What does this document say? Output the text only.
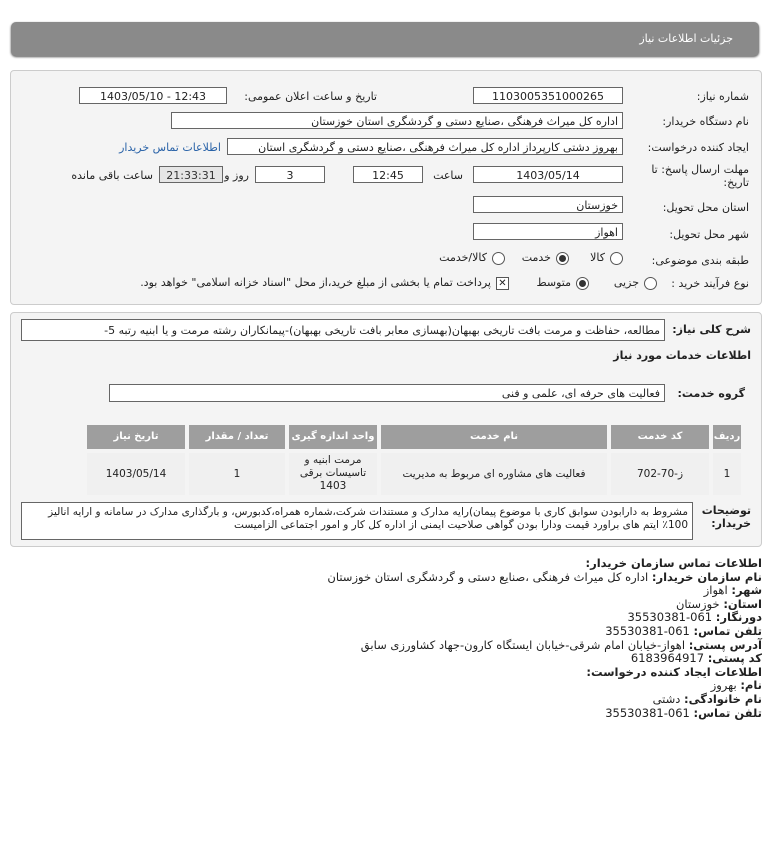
جزئیات اطلاعات نیاز
شماره نیاز:
1103005351000265
تاریخ و ساعت اعلان عمومی:
1403/05/10 - 12:43
نام دستگاه خریدار:
اداره کل میراث فرهنگی ،صنایع دستی و گردشگری استان خوزستان
ایجاد کننده درخواست:
بهروز دشتی کارپرداز اداره کل میراث فرهنگی ،صنایع دستی و گردشگری استان
اطلاعات تماس خریدار
مهلت ارسال پاسخ: تا تاریخ:
1403/05/14
ساعت
12:45
3
روز و
21:33:31
ساعت باقی مانده
استان محل تحویل:
خوزستان
شهر محل تحویل:
اهواز
طبقه بندی موضوعی:
کالا
خدمت
کالا/خدمت
نوع فرآیند خرید :
جزیی
متوسط
✕
پرداخت تمام یا بخشی از مبلغ خرید،از محل "اسناد خزانه اسلامی" خواهد بود.
شرح کلی نیاز:
مطالعه، حفاظت و مرمت بافت تاریخی بهبهان(بهسازی معابر بافت تاریخی بهبهان)-پیمانکاران رشته مرمت و یا ابنیه رتبه 5-
اطلاعات خدمات مورد نیاز
گروه خدمت:
فعالیت های حرفه ای، علمی و فنی
ردیف
کد خدمت
نام خدمت
واحد اندازه گیری
تعداد / مقدار
تاریخ نیاز
1
ز-70-702
فعالیت های مشاوره ای مربوط به مدیریت
مرمت ابنیه و تاسیسات برقی 1403
1
1403/05/14
توضیحات خریدار:
مشروط به دارابودن سوابق کاری با موضوع پیمان)رایه مدارک و مستندات شرکت،شماره همراه،کدبورس، و بارگذاری مدارک در سامانه و ارایه انالیز 100٪ ایتم های براورد قیمت ودارا بودن گواهی صلاحیت ایمنی از اداره کل کار و امور اجتماعی الزامیست
اطلاعات تماس سازمان خریدار:
نام سازمان خریدار: اداره کل میراث فرهنگی ،صنایع دستی و گردشگری استان خوزستان
شهر: اهواز
استان: خوزستان
دورنگار: 061-35530381
تلفن تماس: 061-35530381
آدرس پستی: اهواز-خیابان امام شرقی-خیابان ایستگاه کارون-جهاد کشاورزی سابق
کد پستی: 6183964917
اطلاعات ایجاد کننده درخواست:
نام: بهروز
نام خانوادگی: دشتی
تلفن تماس: 061-35530381
